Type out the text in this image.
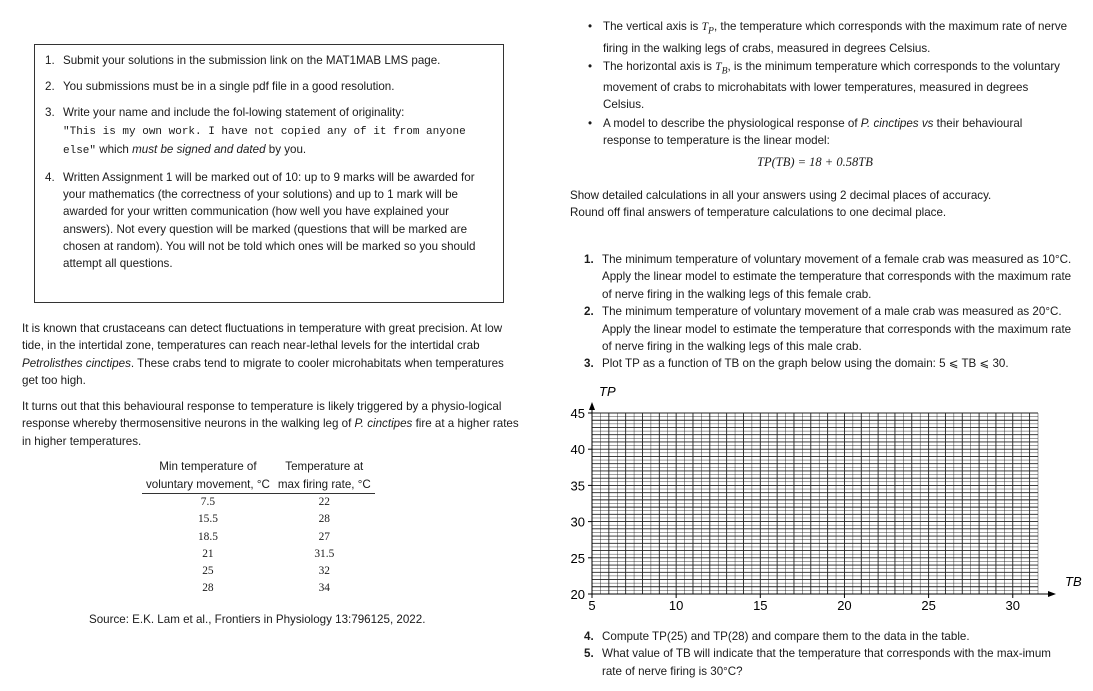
1. Submit your solutions in the submission link on the MAT1MAB LMS page.
2. You submissions must be in a single pdf file in a good resolution.
3. Write your name and include the fol-lowing statement of originality:
"This is my own work. I have not copied any of it from anyone else" which must be signed and dated by you.
4. Written Assignment 1 will be marked out of 10: up to 9 marks will be awarded for your mathematics (the correctness of your solutions) and up to 1 mark will be awarded for your written communication (how well you have explained your answers). Not every question will be marked (questions that will be marked are chosen at random). You will not be told which ones will be marked so you should attempt all questions.

It is known that crustaceans can detect fluctuations in temperature with great precision. At low tide, in the intertidal zone, temperatures can reach near-lethal levels for the intertidal crab Petrolisthes cinctipes. These crabs tend to migrate to cooler microhabitats when temperatures get too high.

It turns out that this behavioural response to temperature is likely triggered by a physio-logical response whereby thermosensitive neurons in the walking leg of P. cinctipes fire at a higher rates in higher temperatures.

Min temperature of	Temperature at
voluntary movement, °C	max firing rate, °C
7.5	22
15.5	28
18.5	27
21	31.5
25	32
28	34
Source: E.K. Lam et al., Frontiers in Physiology 13:796125, 2022.
• The vertical axis is $T_P$, the temperature which corresponds with the maximum rate of nerve firing in the walking legs of crabs, measured in degrees Celsius.
• The horizontal axis is $T_B$, is the minimum temperature which corresponds to the voluntary movement of crabs to microhabitats with lower temperatures, measured in degrees Celsius.
• A model to describe the physiological response of P. cinctipes vs their behavioural response to temperature is the linear model:
TP(TB) = 18 + 0.58TB
Show detailed calculations in all your answers using 2 decimal places of accuracy.
Round off final answers of temperature calculations to one decimal place.
1. The minimum temperature of voluntary movement of a female crab was measured as 10°C. Apply the linear model to estimate the temperature that corresponds with the maximum rate of nerve firing in the walking legs of this female crab.
2. The minimum temperature of voluntary movement of a male crab was measured as 20°C. Apply the linear model to estimate the temperature that corresponds with the maximum rate of nerve firing in the walking legs of this male crab.
3. Plot TP as a function of TB on the graph below using the domain: 5 ⩽ TB ⩽ 30.
5	10	15	20	25	30
20
25
30
35
40
45
TP
TB
4. Compute TP(25) and TP(28) and compare them to the data in the table.
5. What value of TB will indicate that the temperature that corresponds with the max-imum rate of nerve firing is 30°C?
